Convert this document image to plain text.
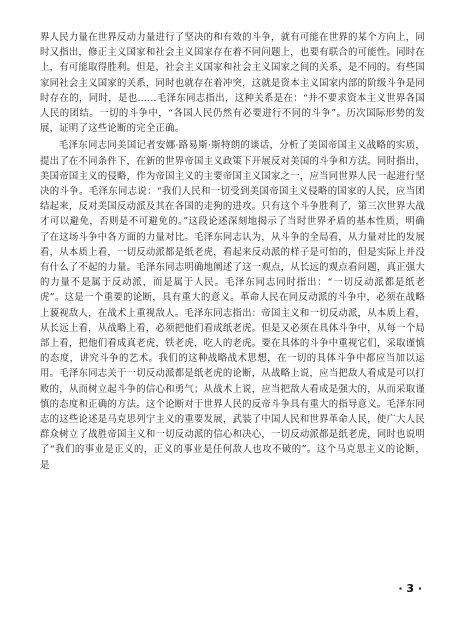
界人民力量在世界反动力量进行了坚决的和有效的斗争，就有可能在世界的某个方向上，同时又指出，修正主义国家和社会主义国家存在着不同问题上，也要有联合的可能性。同时在上，有可能取得胜利。但是，社会主义国家和社会主义国家之间的关系，是不同的。有些国家同社会主义国家的关系，同时也就存在着冲突，这就是资本主义国家内部的阶级斗争是同时存在的，同时，是也……毛泽东同志指出，这种关系是在：“并不要求资本主义世界各国人民的团结。一切的斗争中，“各国人民仍然有必要进行不同的斗争”。历次国际形势的发展，证明了这些论断的完全正确。

毛泽东同志同美国记者安娜·路易斯·斯特朗的谈话，分析了美国帝国主义战略的实质，提出了在不同条件下，在新的世界帝国主义政策下开展反对美国的斗争和方法。同时指出，美国帝国主义的侵略，作为帝国主义的主要帝国主义国家之一，应当同世界人民一起进行坚决的斗争。毛泽东同志说：“我们人民和一切受到美国帝国主义侵略的国家的人民，应当团结起来，反对美国反动派及其在各国的走狗的进攻。只有这个斗争胜利了，第三次世界大战才可以避免，否则是不可避免的。”这段论述深刻地揭示了当时世界矛盾的基本性质，明确了在这场斗争中各方面的力量对比。毛泽东同志认为，从斗争的全局看，从力量对比的发展看，从本质上看，一切反动派都是纸老虎，看起来反动派的样子是可怕的，但是实际上并没有什么了不起的力量。毛泽东同志明确地阐述了这一观点，从长远的观点看问题，真正强大的力量不是属于反动派，而是属于人民。毛泽东同志同时指出：“一切反动派都是纸老虎”。这是一个重要的论断，具有重大的意义。革命人民在同反动派的斗争中，必须在战略上藐视敌人，在战术上重视敌人。毛泽东同志指出：帝国主义和一切反动派，从本质上看，从长远上看，从战略上看，必须把他们看成纸老虎。但是又必须在具体斗争中，从每一个局部上看，把他们看成真老虎，铁老虎，吃人的老虎。要在具体的斗争中重视它们，采取谨慎的态度，讲究斗争的艺术。我们的这种战略战术思想，在一切的具体斗争中都应当加以运用。毛泽东同志关于一切反动派都是纸老虎的论断，从战略上说，应当把敌人看成是可以打败的，从而树立起斗争的信心和勇气；从战术上说，应当把敌人看成是强大的，从而采取谨慎的态度和正确的方法。这个论断对于世界人民的反帝斗争具有重大的指导意义。毛泽东同志的这些论述是马克思列宁主义的重要发展，武装了中国人民和世界革命人民，使广大人民群众树立了战胜帝国主义和一切反动派的信心和决心，一切反动派都是纸老虎，同时也说明了“我们的事业是正义的，正义的事业是任何敌人也攻不破的”。这个马克思主义的论断，是

· 3 ·
